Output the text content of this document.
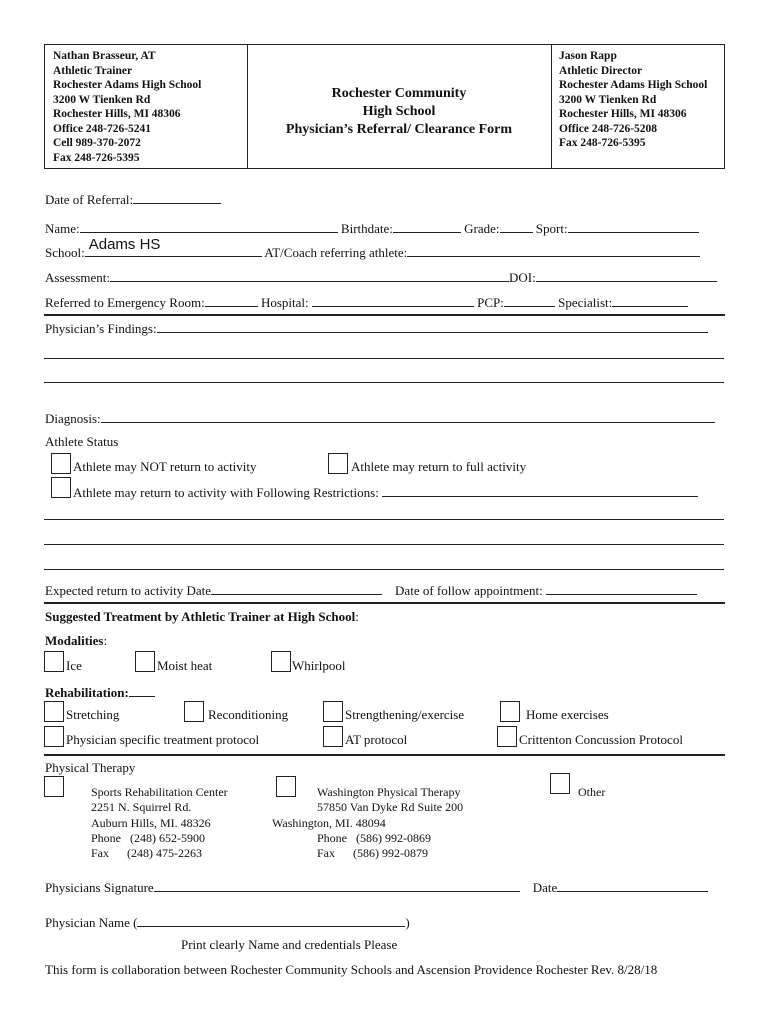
Nathan Brasseur, AT
Athletic Trainer
Rochester Adams High School
3200 W Tienken Rd
Rochester Hills, MI 48306
Office 248-726-5241
Cell 989-370-2072
Fax 248-726-5395
Rochester Community
High School
Physician’s Referral/ Clearance Form
Jason Rapp
Athletic Director
Rochester Adams High School
3200 W Tienken Rd
Rochester Hills, MI 48306
Office 248-726-5208
Fax 248-726-5395
Date of Referral:
Name:	Birthdate:	Grade:	Sport:
School: Adams HS	AT/Coach referring athlete:
Assessment:	DOI:
Referred to Emergency Room:	Hospital:	PCP:	Specialist:
Physician’s Findings:
Diagnosis:
Athlete Status
Athlete may NOT return to activity	Athlete may return to full activity
Athlete may return to activity with Following Restrictions:
Expected return to activity Date	Date of follow appointment:
Suggested Treatment by Athletic Trainer at High School:
Modalities:
Ice	Moist heat	Whirlpool
Rehabilitation:
Stretching	Reconditioning	Strengthening/exercise	Home exercises
Physician specific treatment protocol	AT protocol	Crittenton Concussion Protocol
Physical Therapy
Sports Rehabilitation Center
2251 N. Squirrel Rd.
Auburn Hills, MI. 48326
Phone   (248) 652-5900
Fax      (248) 475-2263
Washington Physical Therapy
57850 Van Dyke Rd Suite 200
Washington, MI. 48094
Phone   (586) 992-0869
Fax      (586) 992-0879
Other
Physicians Signature	Date
Physician Name (	)
Print clearly Name and credentials Please
This form is collaboration between Rochester Community Schools and Ascension Providence Rochester Rev. 8/28/18
